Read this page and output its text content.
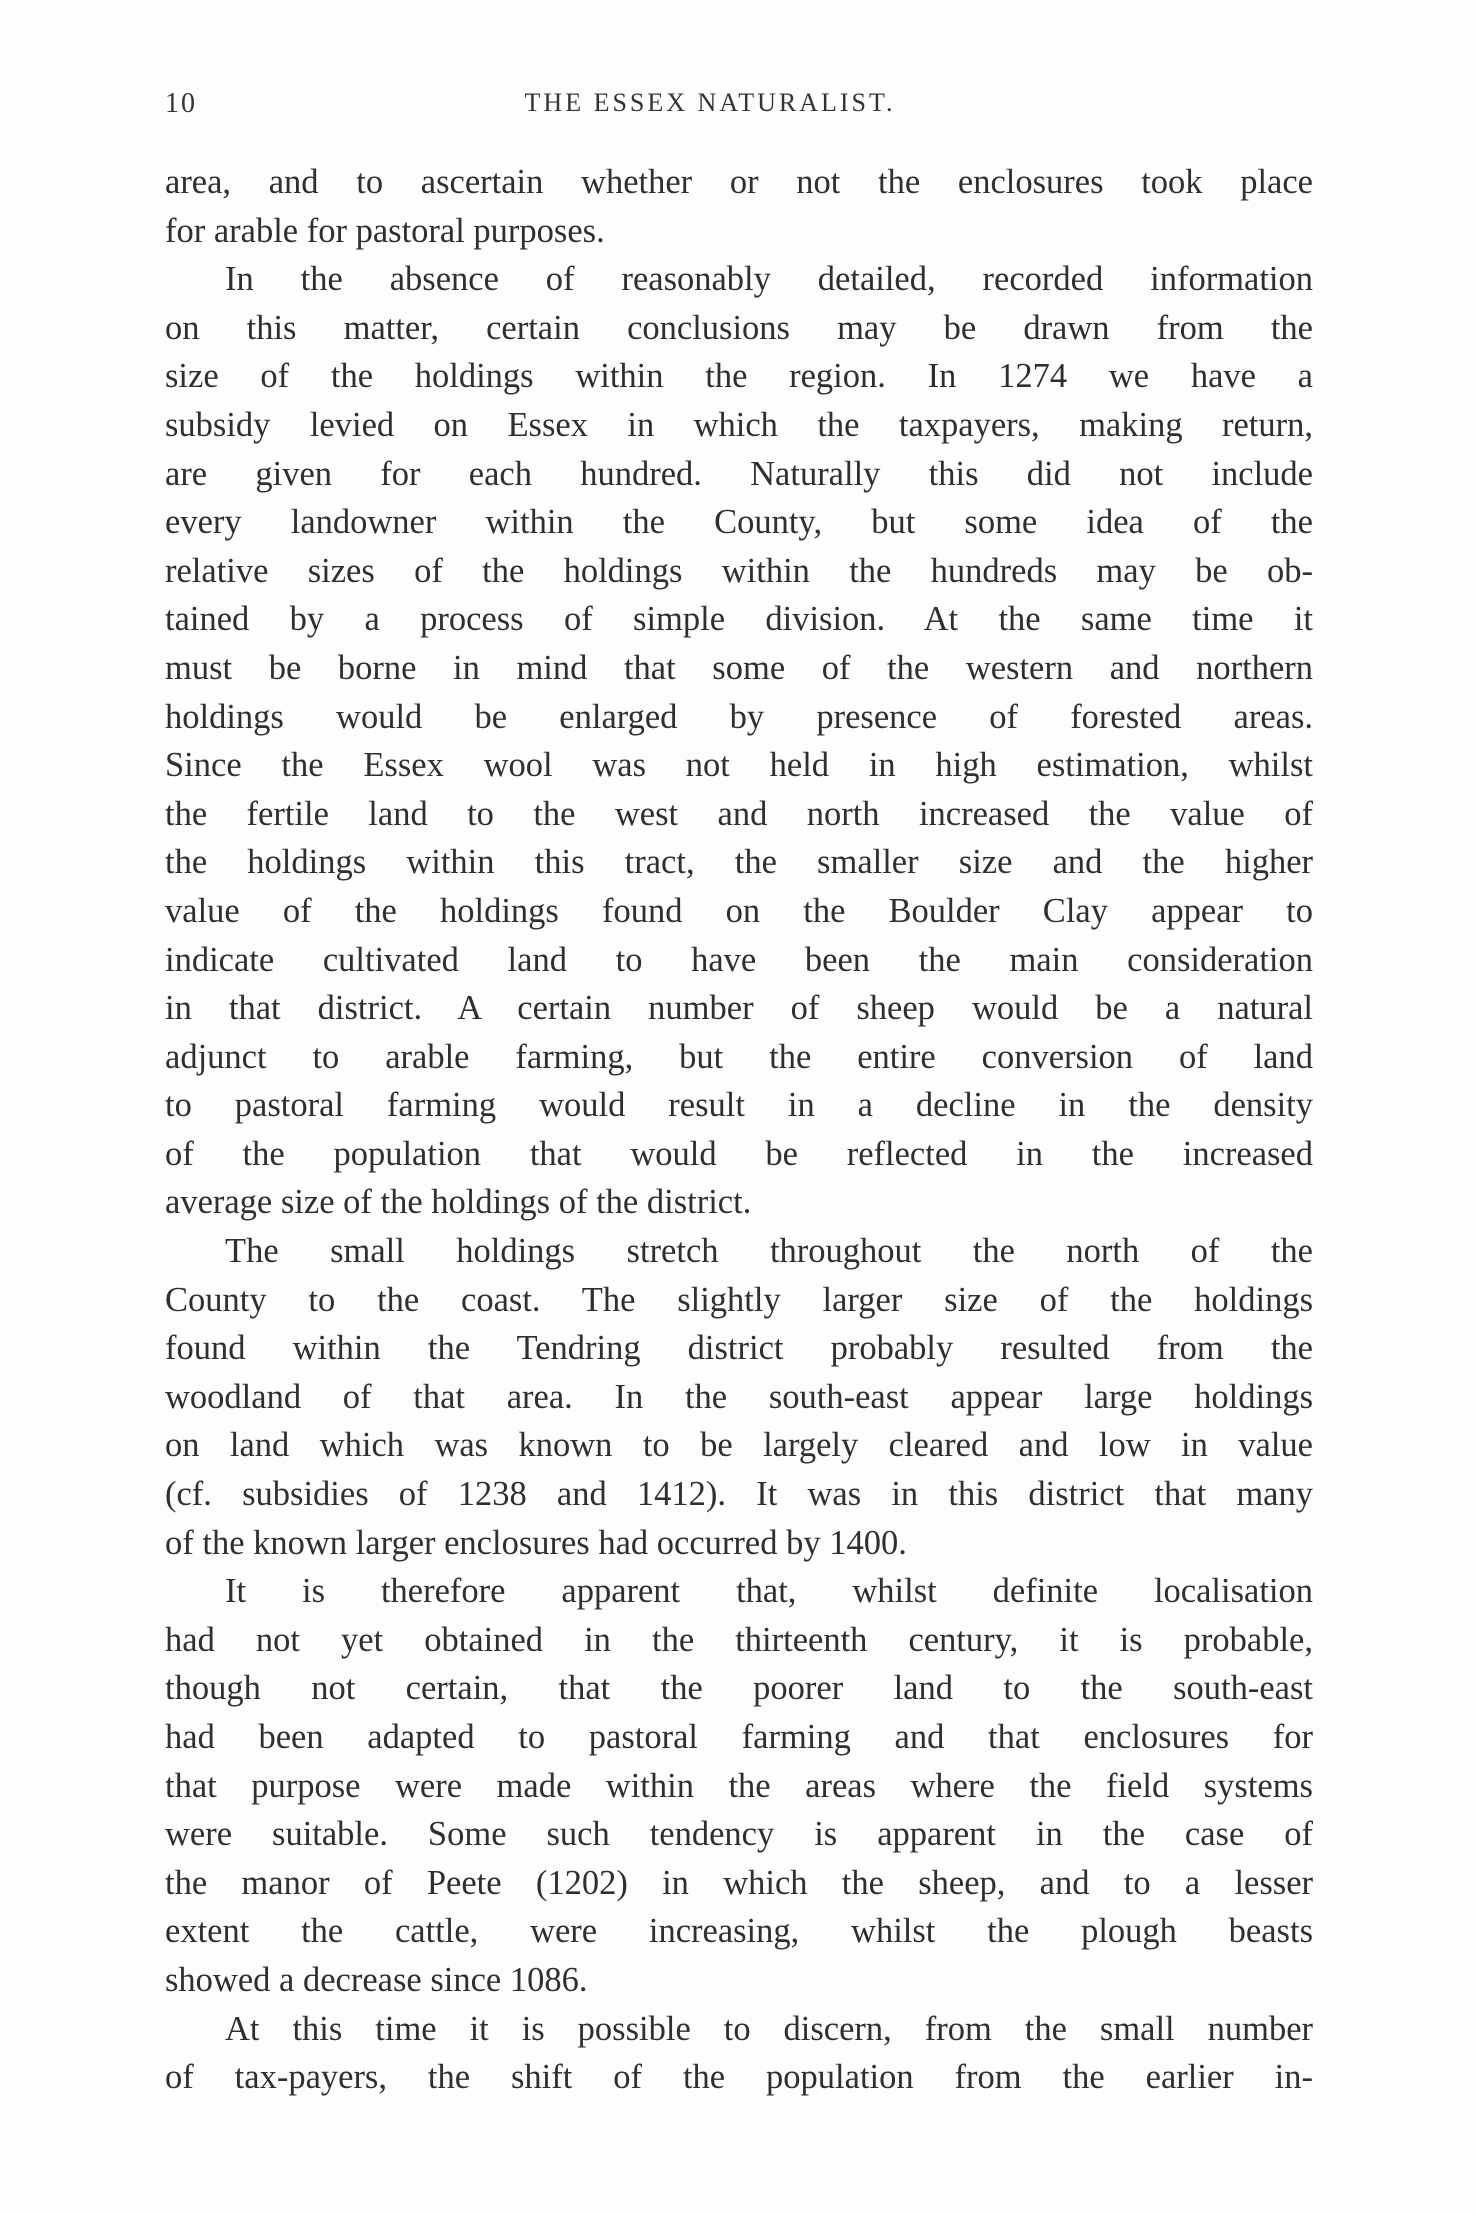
10	THE ESSEX NATURALIST.
area, and to ascertain whether or not the enclosures took place
for arable for pastoral purposes.
In the absence of reasonably detailed, recorded information
on this matter, certain conclusions may be drawn from the
size of the holdings within the region. In 1274 we have a
subsidy levied on Essex in which the taxpayers, making return,
are given for each hundred. Naturally this did not include
every landowner within the County, but some idea of the
relative sizes of the holdings within the hundreds may be ob-
tained by a process of simple division. At the same time it
must be borne in mind that some of the western and northern
holdings would be enlarged by presence of forested areas.
Since the Essex wool was not held in high estimation, whilst
the fertile land to the west and north increased the value of
the holdings within this tract, the smaller size and the higher
value of the holdings found on the Boulder Clay appear to
indicate cultivated land to have been the main consideration
in that district. A certain number of sheep would be a natural
adjunct to arable farming, but the entire conversion of land
to pastoral farming would result in a decline in the density
of the population that would be reflected in the increased
average size of the holdings of the district.
The small holdings stretch throughout the north of the
County to the coast. The slightly larger size of the holdings
found within the Tendring district probably resulted from the
woodland of that area. In the south-east appear large holdings
on land which was known to be largely cleared and low in value
(cf. subsidies of 1238 and 1412). It was in this district that many
of the known larger enclosures had occurred by 1400.
It is therefore apparent that, whilst definite localisation
had not yet obtained in the thirteenth century, it is probable,
though not certain, that the poorer land to the south-east
had been adapted to pastoral farming and that enclosures for
that purpose were made within the areas where the field systems
were suitable. Some such tendency is apparent in the case of
the manor of Peete (1202) in which the sheep, and to a lesser
extent the cattle, were increasing, whilst the plough beasts
showed a decrease since 1086.
At this time it is possible to discern, from the small number
of tax-payers, the shift of the population from the earlier in-
